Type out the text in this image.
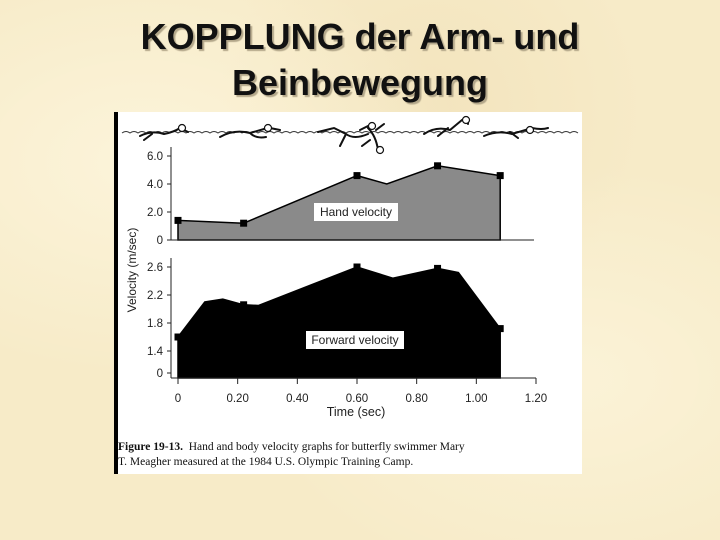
KOPPLUNG der Arm- und
Beinbewegung
Hand velocity
Forward velocity
6.0
4.0
2.0
0
2.6
2.2
1.8
1.4
0
0	0.20	0.40	0.60	0.80	1.00	1.20
Velocity (m/sec)
Time (sec)
Figure 19-13. Hand and body velocity graphs for butterfly swimmer Mary
T. Meagher measured at the 1984 U.S. Olympic Training Camp.
